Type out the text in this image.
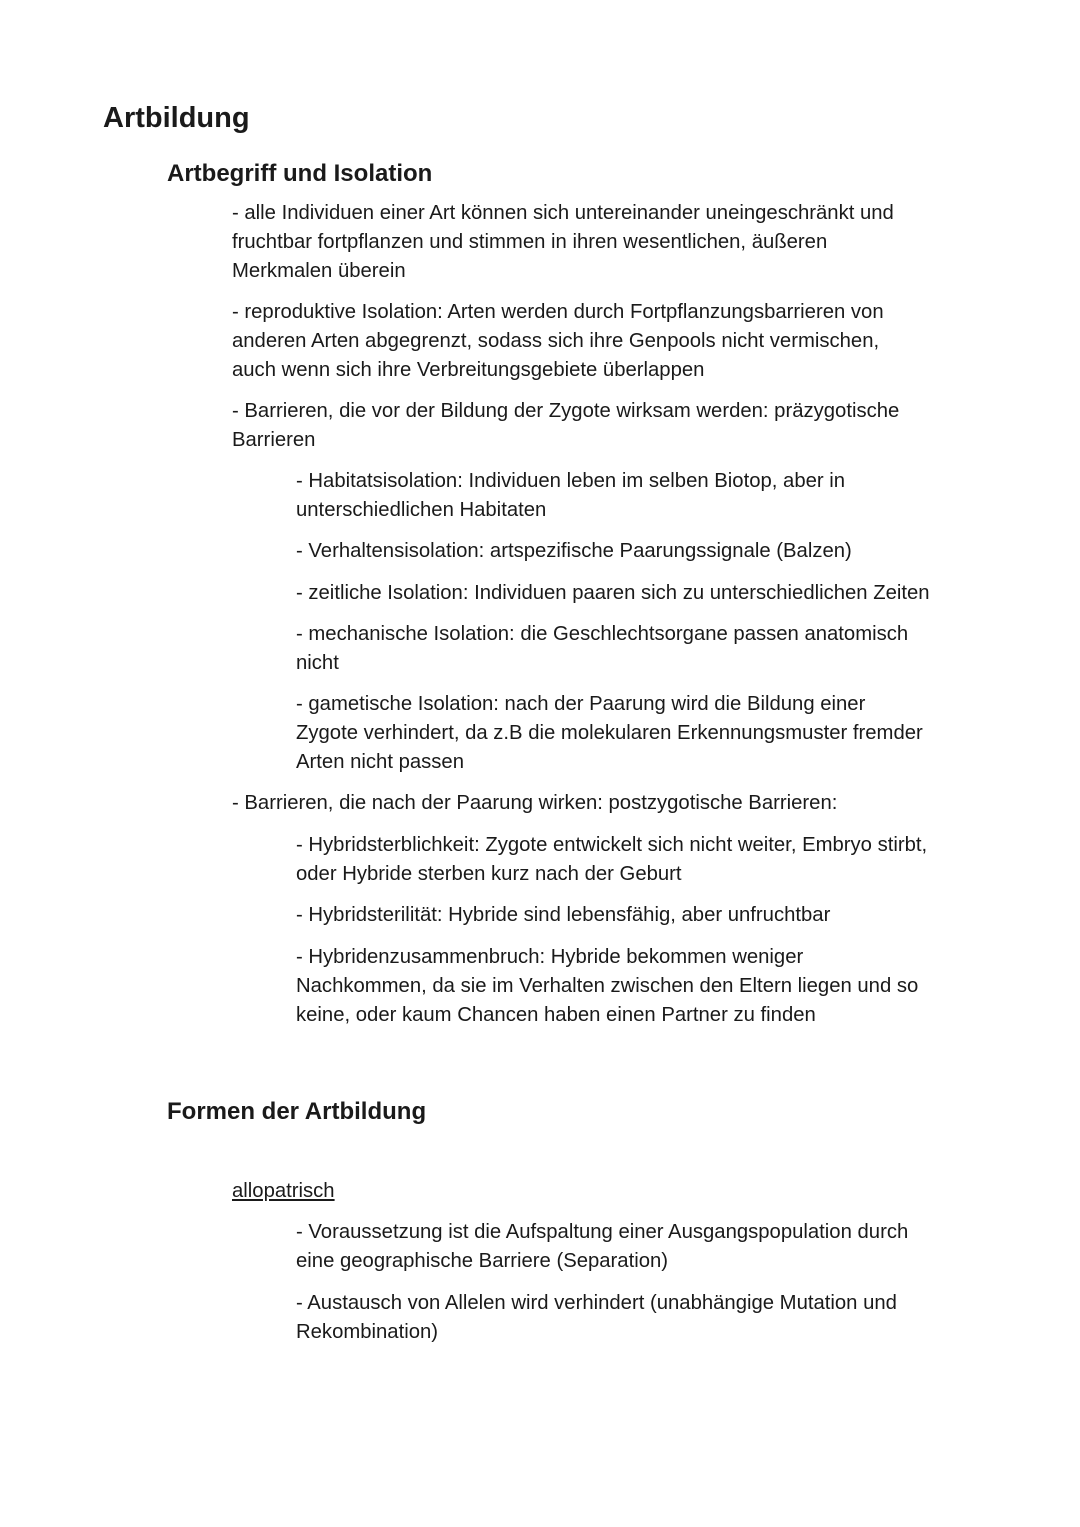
Artbildung
Artbegriff und Isolation

- alle Individuen einer Art können sich untereinander uneingeschränkt und
fruchtbar fortpflanzen und stimmen in ihren wesentlichen, äußeren
Merkmalen überein

- reproduktive Isolation: Arten werden durch Fortpflanzungsbarrieren von
anderen Arten abgegrenzt, sodass sich ihre Genpools nicht vermischen,
auch wenn sich ihre Verbreitungsgebiete überlappen

- Barrieren, die vor der Bildung der Zygote wirksam werden: präzygotische
Barrieren

- Habitatsisolation: Individuen leben im selben Biotop, aber in
unterschiedlichen Habitaten

- Verhaltensisolation: artspezifische Paarungssignale (Balzen)

- zeitliche Isolation: Individuen paaren sich zu unterschiedlichen Zeiten

- mechanische Isolation: die Geschlechtsorgane passen anatomisch
nicht

- gametische Isolation: nach der Paarung wird die Bildung einer
Zygote verhindert, da z.B die molekularen Erkennungsmuster fremder
Arten nicht passen

- Barrieren, die nach der Paarung wirken: postzygotische Barrieren:

- Hybridsterblichkeit: Zygote entwickelt sich nicht weiter, Embryo stirbt,
oder Hybride sterben kurz nach der Geburt

- Hybridsterilität: Hybride sind lebensfähig, aber unfruchtbar

- Hybridenzusammenbruch: Hybride bekommen weniger
Nachkommen, da sie im Verhalten zwischen den Eltern liegen und so
keine, oder kaum Chancen haben einen Partner zu finden

Formen der Artbildung

allopatrisch

- Voraussetzung ist die Aufspaltung einer Ausgangspopulation durch
eine geographische Barriere (Separation)

- Austausch von Allelen wird verhindert (unabhängige Mutation und
Rekombination)
